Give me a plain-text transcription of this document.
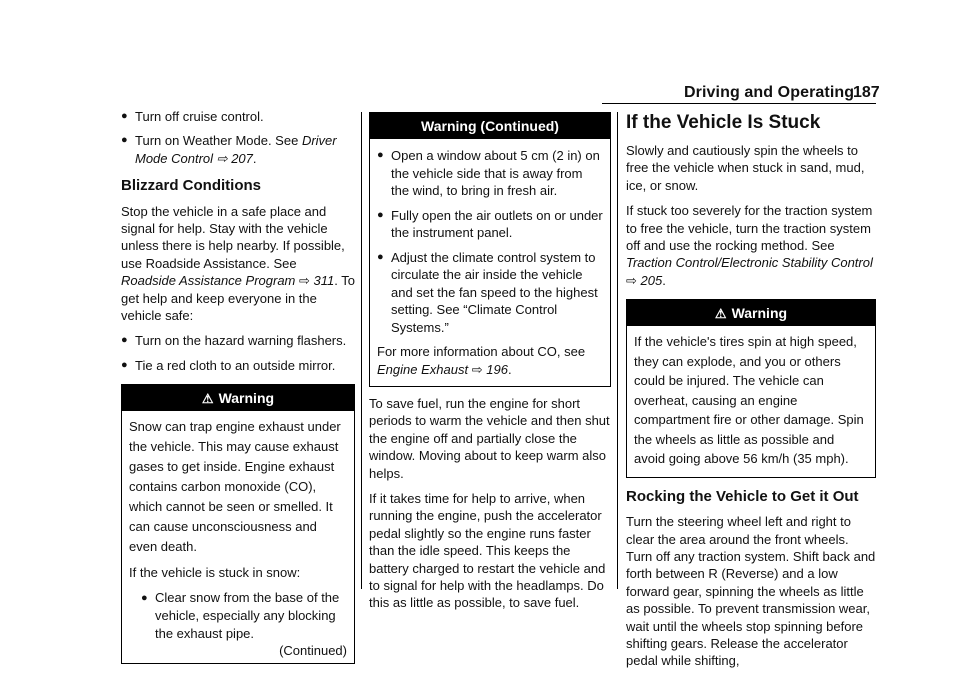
Driving and Operating
187
● Turn off cruise control.
● Turn on Weather Mode. See Driver Mode Control ⇨ 207.
Blizzard Conditions

Stop the vehicle in a safe place and signal for help. Stay with the vehicle unless there is help nearby. If possible, use Roadside Assistance. See Roadside Assistance Program ⇨ 311. To get help and keep everyone in the vehicle safe:

● Turn on the hazard warning flashers.
● Tie a red cloth to an outside mirror.
⚠ Warning

Snow can trap engine exhaust under the vehicle. This may cause exhaust gases to get inside. Engine exhaust contains carbon monoxide (CO), which cannot be seen or smelled. It can cause unconsciousness and even death.

If the vehicle is stuck in snow:

● Clear snow from the base of the vehicle, especially any blocking the exhaust pipe.
(Continued)
Warning (Continued)
● Open a window about 5 cm (2 in) on the vehicle side that is away from the wind, to bring in fresh air.
● Fully open the air outlets on or under the instrument panel.
● Adjust the climate control system to circulate the air inside the vehicle and set the fan speed to the highest setting. See “Climate Control Systems.”

For more information about CO, see
Engine Exhaust ⇨ 196.

To save fuel, run the engine for short periods to warm the vehicle and then shut the engine off and partially close the window. Moving about to keep warm also helps.

If it takes time for help to arrive, when running the engine, push the accelerator pedal slightly so the engine runs faster than the idle speed. This keeps the battery charged to restart the vehicle and to signal for help with the headlamps. Do this as little as possible, to save fuel.

If the Vehicle Is Stuck

Slowly and cautiously spin the wheels to free the vehicle when stuck in sand, mud, ice, or snow.

If stuck too severely for the traction system to free the vehicle, turn the traction system off and use the rocking method. See Traction Control/Electronic Stability Control ⇨ 205.

⚠ Warning

If the vehicle's tires spin at high speed, they can explode, and you or others could be injured. The vehicle can overheat, causing an engine compartment fire or other damage. Spin the wheels as little as possible and avoid going above 56 km/h (35 mph).

Rocking the Vehicle to Get it Out

Turn the steering wheel left and right to clear the area around the front wheels. Turn off any traction system. Shift back and forth between R (Reverse) and a low forward gear, spinning the wheels as little as possible. To prevent transmission wear, wait until the wheels stop spinning before shifting gears. Release the accelerator pedal while shifting,
